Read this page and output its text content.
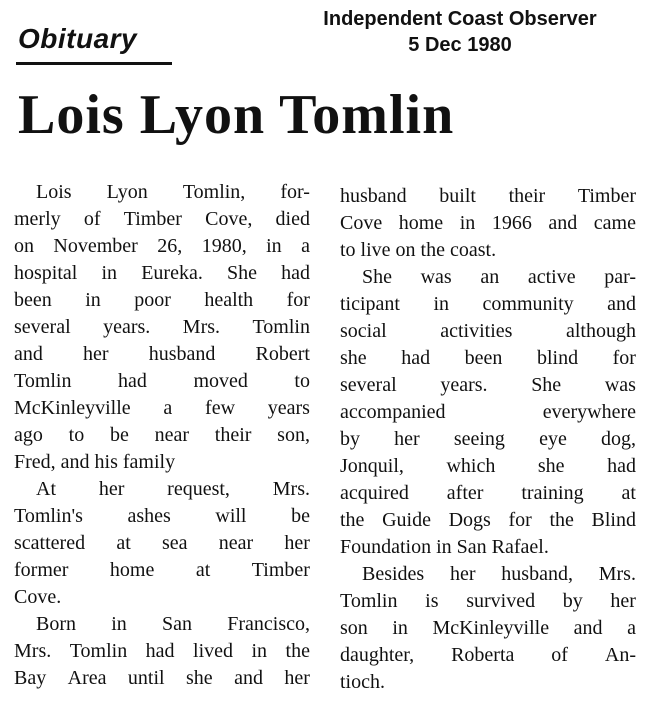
Obituary
Independent Coast Observer
5 Dec 1980
Lois Lyon Tomlin
Lois Lyon Tomlin, for-
merly of Timber Cove, died
on November 26, 1980, in a
hospital in Eureka. She had
been in poor health for
several years. Mrs. Tomlin
and her husband Robert
Tomlin had moved to
McKinleyville a few years
ago to be near their son,
Fred, and his family
At her request, Mrs.
Tomlin's ashes will be
scattered at sea near her
former home at Timber
Cove.
Born in San Francisco,
Mrs. Tomlin had lived in the
Bay Area until she and her
husband built their Timber
Cove home in 1966 and came
to live on the coast.
She was an active par-
ticipant in community and
social	activities	although
she had been blind for
several years. She was
accompanied	everywhere
by her seeing eye dog,
Jonquil, which she had
acquired after training at
the Guide Dogs for the Blind
Foundation in San Rafael.
Besides her husband, Mrs.
Tomlin is survived by her
son in McKinleyville and a
daughter, Roberta of An-
tioch.
